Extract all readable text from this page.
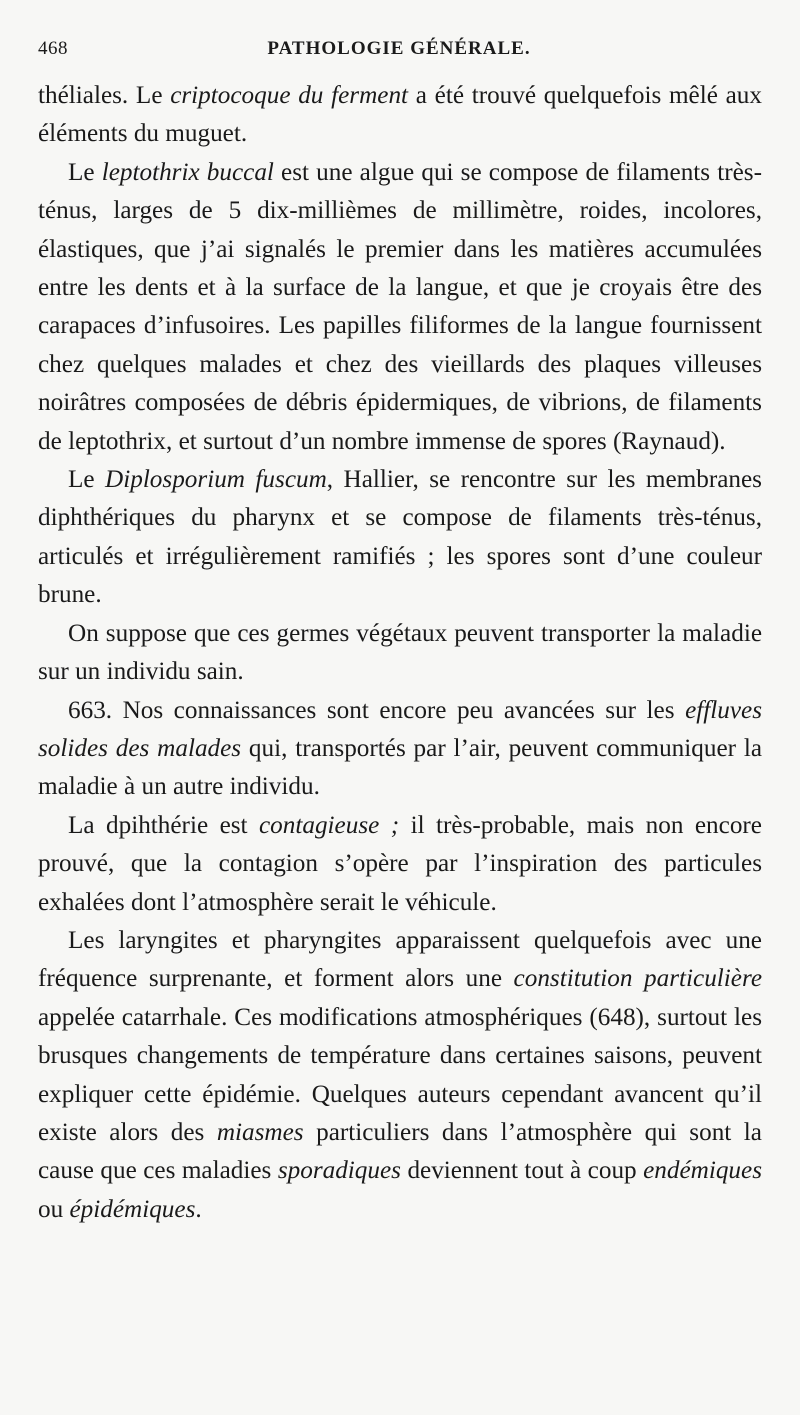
468	PATHOLOGIE GÉNÉRALE.

théliales. Le criptocoque du ferment a été trouvé quelquefois mêlé aux éléments du muguet.

Le leptothrix buccal est une algue qui se compose de filaments très-ténus, larges de 5 dix-millièmes de millimètre, roides, incolores, élastiques, que j’ai signalés le premier dans les matières accumulées entre les dents et à la surface de la langue, et que je croyais être des carapaces d’infusoires. Les papilles filiformes de la langue fournissent chez quelques malades et chez des vieillards des plaques villeuses noirâtres composées de débris épidermiques, de vibrions, de filaments de leptothrix, et surtout d’un nombre immense de spores (Raynaud).

Le Diplosporium fuscum, Hallier, se rencontre sur les membranes diphthériques du pharynx et se compose de filaments très-ténus, articulés et irrégulièrement ramifiés ; les spores sont d’une couleur brune.

On suppose que ces germes végétaux peuvent transporter la maladie sur un individu sain.

663. Nos connaissances sont encore peu avancées sur les effluves solides des malades qui, transportés par l’air, peuvent communiquer la maladie à un autre individu.

La dpihthérie est contagieuse ; il très-probable, mais non encore prouvé, que la contagion s’opère par l’inspiration des particules exhalées dont l’atmosphère serait le véhicule.

Les laryngites et pharyngites apparaissent quelquefois avec une fréquence surprenante, et forment alors une constitution particulière appelée catarrhale. Ces modifications atmosphériques (648), surtout les brusques changements de température dans certaines saisons, peuvent expliquer cette épidémie. Quelques auteurs cependant avancent qu’il existe alors des miasmes particuliers dans l’atmosphère qui sont la cause que ces maladies sporadiques deviennent tout à coup endémiques ou épidémiques.
